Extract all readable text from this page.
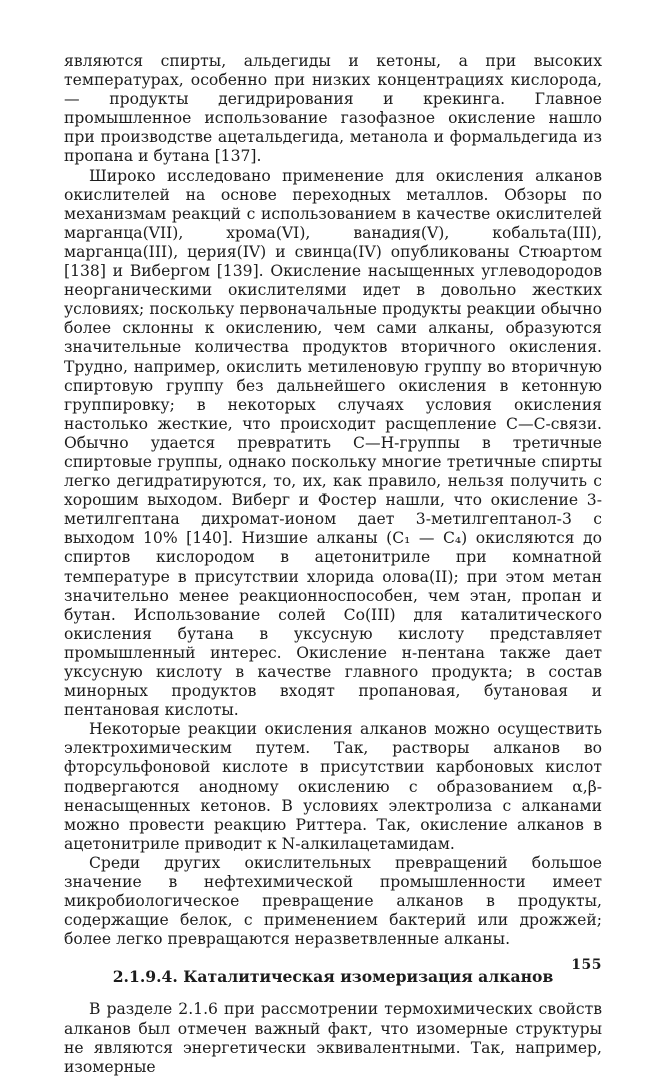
являются спирты, альдегиды и кетоны, а при высоких температурах, особенно при низких концентрациях кислорода,— продукты дегидрирования и крекинга. Главное промышленное использование газофазное окисление нашло при производстве ацетальдегида, метанола и формальдегида из пропана и бутана [137].

Широко исследовано применение для окисления алканов окислителей на основе переходных металлов. Обзоры по механизмам реакций с использованием в качестве окислителей марганца(VII), хрома(VI), ванадия(V), кобальта(III), марганца(III), церия(IV) и свинца(IV) опубликованы Стюартом [138] и Вибергом [139]. Окисление насыщенных углеводородов неорганическими окислителями идет в довольно жестких условиях; поскольку первоначальные продукты реакции обычно более склонны к окислению, чем сами алканы, образуются значительные количества продуктов вторичного окисления. Трудно, например, окислить метиленовую группу во вторичную спиртовую группу без дальнейшего окисления в кетонную группировку; в некоторых случаях условия окисления настолько жесткие, что происходит расщепление С—С-связи. Обычно удается превратить С—Н-группы в третичные спиртовые группы, однако поскольку многие третичные спирты легко дегидратируются, то, их, как правило, нельзя получить с хорошим выходом. Виберг и Фостер нашли, что окисление 3-метилгептана дихромат-ионом дает 3-метилгептанол-3 с выходом 10% [140]. Низшие алканы (С₁ — С₄) окисляются до спиртов кислородом в ацетонитриле при комнатной температуре в присутствии хлорида олова(II); при этом метан значительно менее реакционноспособен, чем этан, пропан и бутан. Использование солей Со(III) для каталитического окисления бутана в уксусную кислоту представляет промышленный интерес. Окисление н-пентана также дает уксусную кислоту в качестве главного продукта; в состав минорных продуктов входят пропановая, бутановая и пентановая кислоты.

Некоторые реакции окисления алканов можно осуществить электрохимическим путем. Так, растворы алканов во фторсульфоновой кислоте в присутствии карбоновых кислот подвергаются анодному окислению с образованием α,β-ненасыщенных кетонов. В условиях электролиза с алканами можно провести реакцию Риттера. Так, окисление алканов в ацетонитриле приводит к N-алкилацетамидам.

Среди других окислительных превращений большое значение в нефтехимической промышленности имеет микробиологическое превращение алканов в продукты, содержащие белок, с применением бактерий или дрожжей; более легко превращаются неразветвленные алканы.

2.1.9.4. Каталитическая изомеризация алканов

В разделе 2.1.6 при рассмотрении термохимических свойств алканов был отмечен важный факт, что изомерные структуры не являются энергетически эквивалентными. Так, например, изомерные

155
